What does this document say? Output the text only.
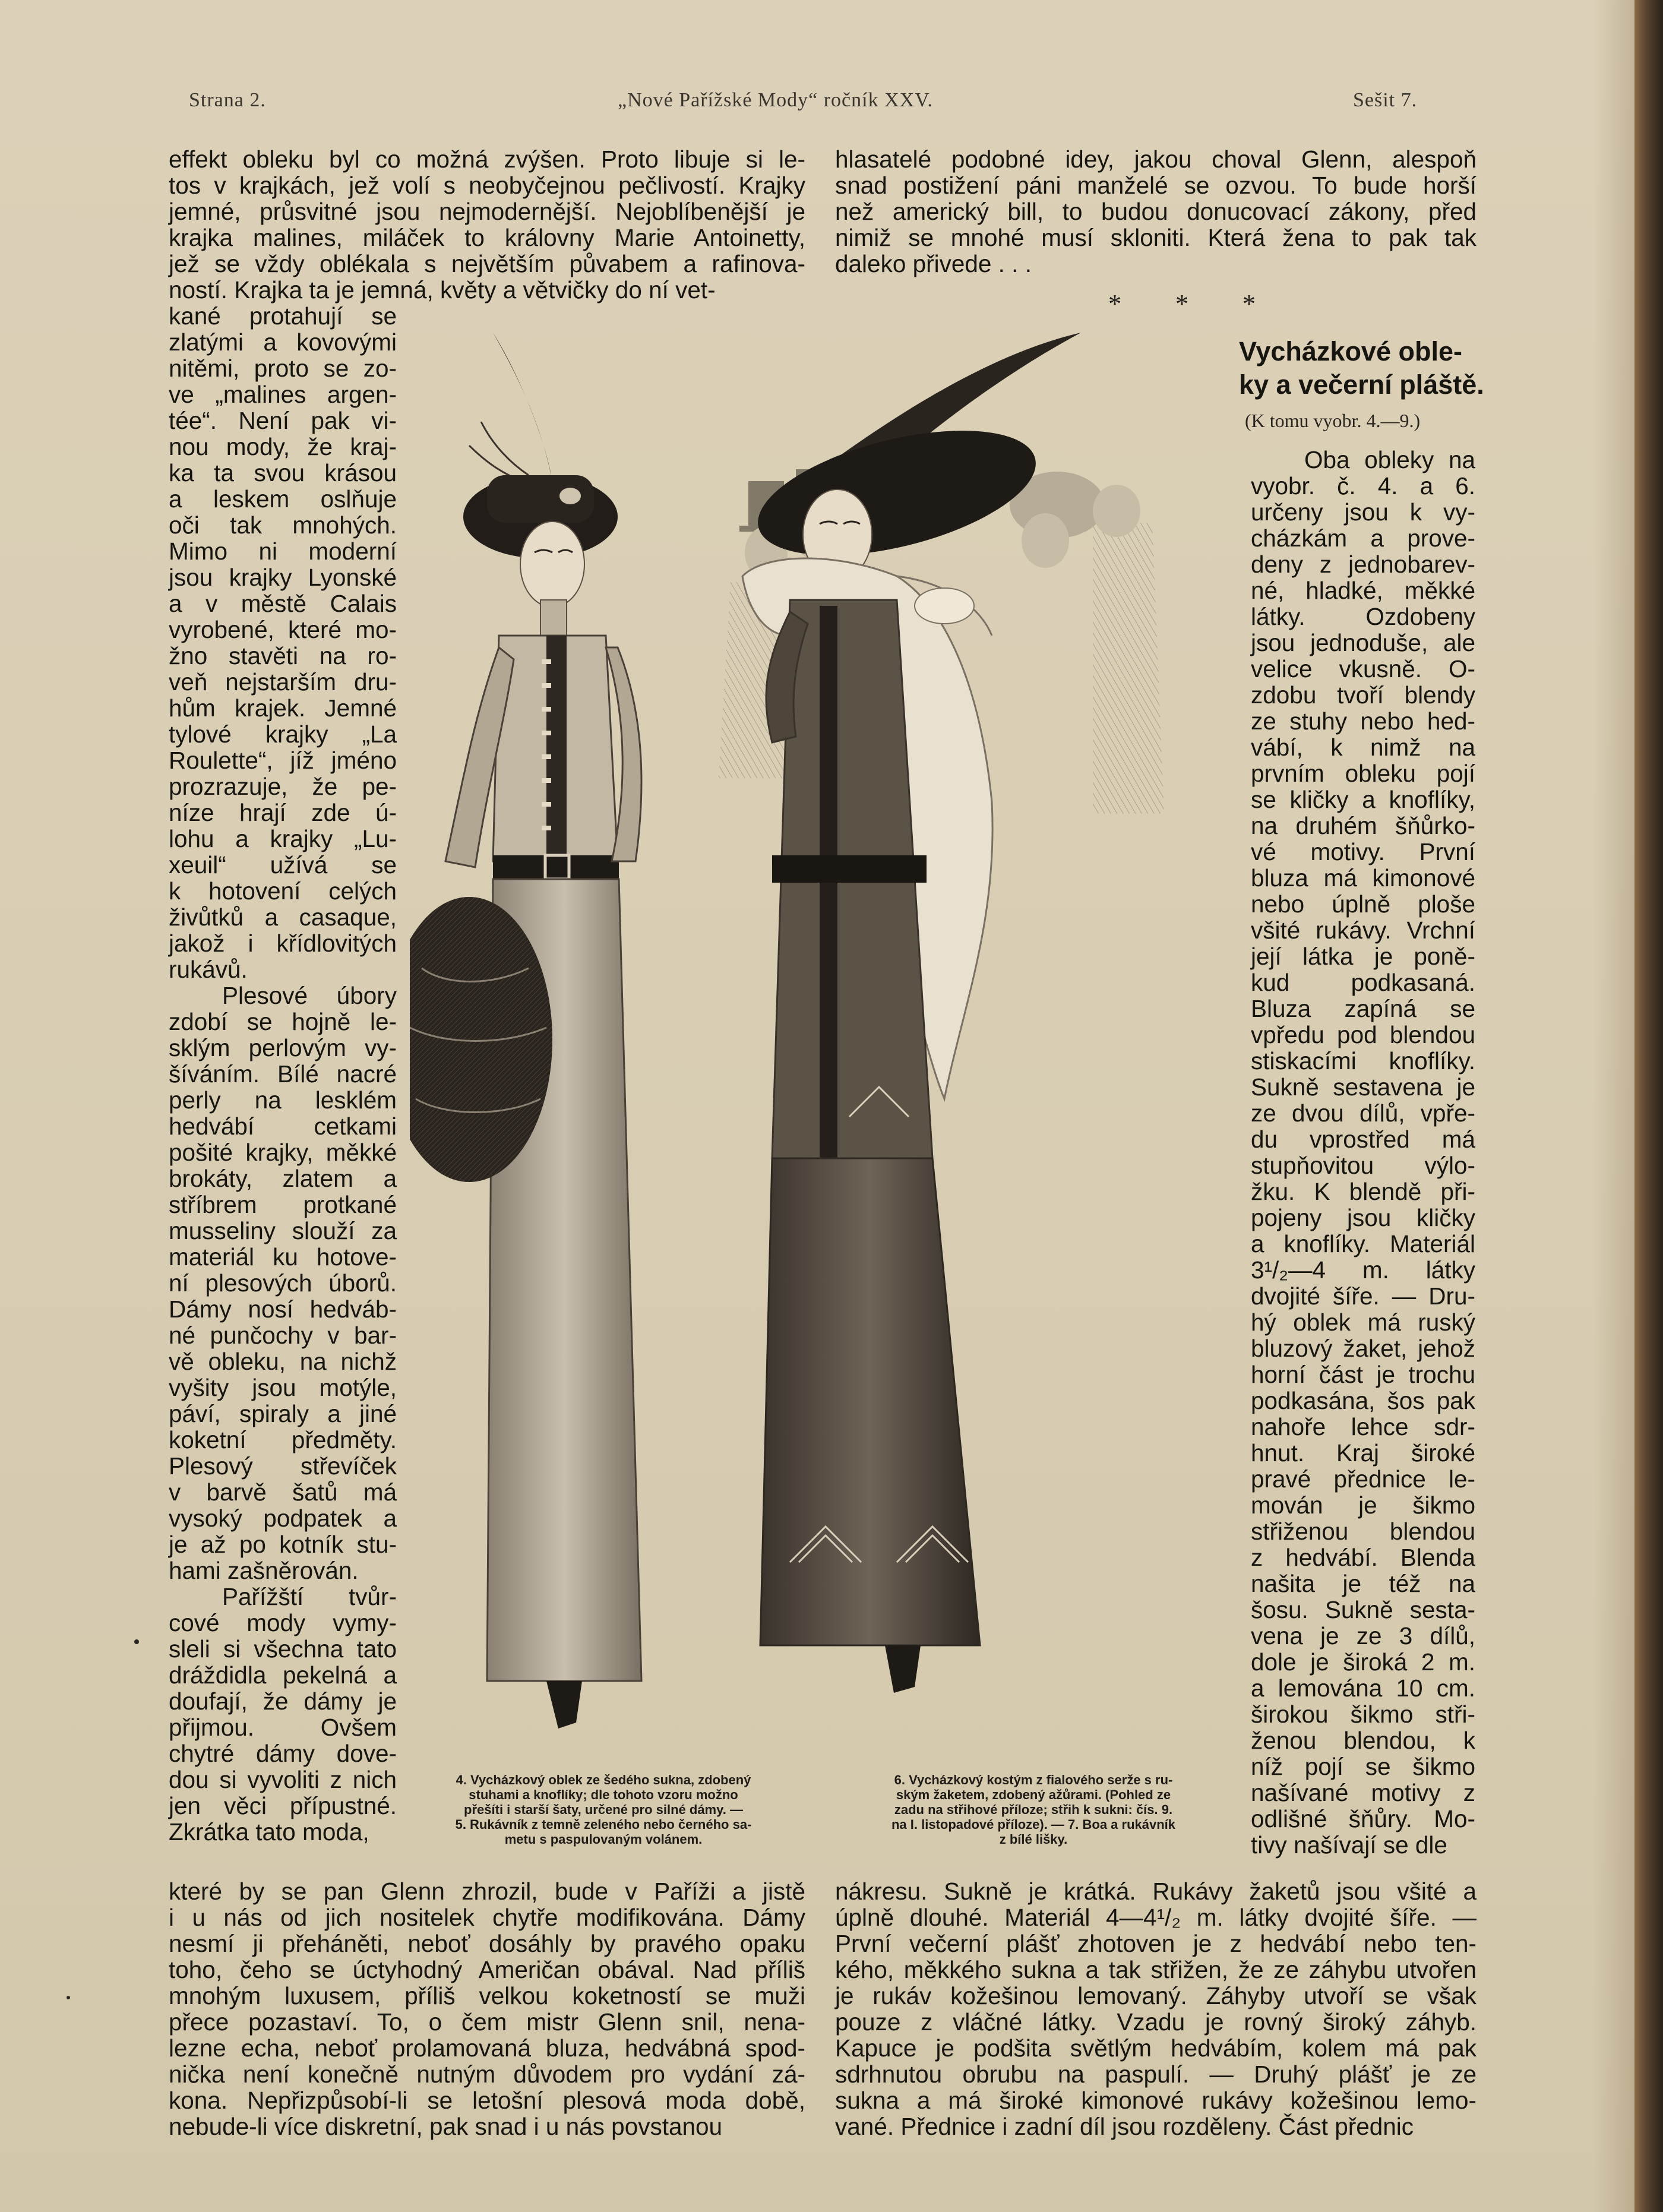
Strana 2.	„Nové Pařížské Mody“ ročník XXV.	Sešit 7.
effekt obleku byl co možná zvýšen. Proto libuje si le-
tos v krajkách, jež volí s neobyčejnou pečlivostí. Krajky
jemné, průsvitné jsou nejmodernější. Nejoblíbenější je
krajka malines, miláček to královny Marie Antoinetty,
jež se vždy oblékala s největším půvabem a rafinova-
ností. Krajka ta je jemná, květy a větvičky do ní vet-
kané protahují se
zlatými a kovovými
nitěmi, proto se zo-
ve „malines argen-
tée“. Není pak vi-
nou mody, že kraj-
ka ta svou krásou
a leskem oslňuje
oči tak mnohých.
Mimo ni moderní
jsou krajky Lyonské
a v městě Calais
vyrobené, které mo-
žno stavěti na ro-
veň nejstarším dru-
hům krajek. Jemné
tylové krajky „La
Roulette“, jíž jméno
prozrazuje, že pe-
níze hrají zde ú-
lohu a krajky „Lu-
xeuil“ užívá se
k hotovení celých
živůtků a casaque,
jakož i křídlovitých
rukávů.
Plesové úbory
zdobí se hojně le-
sklým perlovým vy-
šíváním. Bílé nacré
perly na lesklém
hedvábí cetkami
pošité krajky, měkké
brokáty, zlatem a
stříbrem protkané
musseliny slouží za
materiál ku hotove-
ní plesových úborů.
Dámy nosí hedváb-
né punčochy v bar-
vě obleku, na nichž
vyšity jsou motýle,
páví, spiraly a jiné
koketní předměty.
Plesový střevíček
v barvě šatů má
vysoký podpatek a
je až po kotník stu-
hami zašněrován.
Pařížští tvůr-
cové mody vymy-
sleli si všechna tato
dráždidla pekelná a
doufají, že dámy je
přijmou. Ovšem
chytré dámy dove-
dou si vyvoliti z nich
jen věci přípustné.
Zkrátka tato moda,
které by se pan Glenn zhrozil, bude v Paříži a jistě
i u nás od jich nositelek chytře modifikována. Dámy
nesmí ji přeháněti, neboť dosáhly by pravého opaku
toho, čeho se úctyhodný Američan obával. Nad příliš
mnohým luxusem, příliš velkou koketností se muži
přece pozastaví. To, o čem mistr Glenn snil, nena-
lezne echa, neboť prolamovaná bluza, hedvábná spod-
nička není konečně nutným důvodem pro vydání zá-
kona. Nepřizpůsobí-li se letošní plesová moda době,
nebude-li více diskretní, pak snad i u nás povstanou
hlasatelé podobné idey, jakou choval Glenn, alespoň
snad postižení páni manželé se ozvou. To bude horší
než americký bill, to budou donucovací zákony, před
nimiž se mnohé musí skloniti. Která žena to pak tak
daleko přivede . . .
* * *
Vycházkové oble-
ky a večerní pláště.
(K tomu vyobr. 4.—9.)
Oba obleky na
vyobr. č. 4. a 6.
určeny jsou k vy-
cházkám a prove-
deny z jednobarev-
né, hladké, měkké
látky. Ozdobeny
jsou jednoduše, ale
velice vkusně. O-
zdobu tvoří blendy
ze stuhy nebo hed-
vábí, k nimž na
prvním obleku pojí
se kličky a knoflíky,
na druhém šňůrko-
vé motivy. První
bluza má kimonové
nebo úplně ploše
všité rukávy. Vrchní
její látka je poně-
kud podkasaná.
Bluza zapíná se
vpředu pod blendou
stiskacími knoflíky.
Sukně sestavena je
ze dvou dílů, vpře-
du vprostřed má
stupňovitou výlo-
žku. K blendě při-
pojeny jsou kličky
a knoflíky. Materiál
3¹/₂—4 m. látky
dvojité šíře. — Dru-
hý oblek má ruský
bluzový žaket, jehož
horní část je trochu
podkasána, šos pak
nahoře lehce sdr-
hnut. Kraj široké
pravé přednice le-
mován je šikmo
střiženou blendou
z hedvábí. Blenda
našita je též na
šosu. Sukně sesta-
vena je ze 3 dílů,
dole je široká 2 m.
a lemována 10 cm.
širokou šikmo stři-
ženou blendou, k
níž pojí se šikmo
našívané motivy z
odlišné šňůry. Mo-
tivy našívají se dle
nákresu. Sukně je krátká. Rukávy žaketů jsou všité a
úplně dlouhé. Materiál 4—4¹/₂ m. látky dvojité šíře. —
První večerní plášť zhotoven je z hedvábí nebo ten-
kého, měkkého sukna a tak střižen, že ze záhybu utvořen
je rukáv kožešinou lemovaný. Záhyby utvoří se však
pouze z vláčné látky. Vzadu je rovný široký záhyb.
Kapuce je podšita světlým hedvábím, kolem má pak
sdrhnutou obrubu na paspulí. — Druhý plášť je ze
sukna a má široké kimonové rukávy kožešinou lemo-
vané. Přednice i zadní díl jsou rozděleny. Část přednic
4. Vycházkový oblek ze šedého sukna, zdobený
stuhami a knoflíky; dle tohoto vzoru možno
přešíti i starší šaty, určené pro silné dámy. —
5. Rukávník z temně zeleného nebo černého sa-
metu s paspulovaným volánem.
6. Vycházkový kostým z fialového serže s ru-
ským žaketem, zdobený ažůrami. (Pohled ze
zadu na střihové příloze; střih k sukni: čís. 9.
na I. listopadové příloze). — 7. Boa a rukávník
z bílé lišky.
